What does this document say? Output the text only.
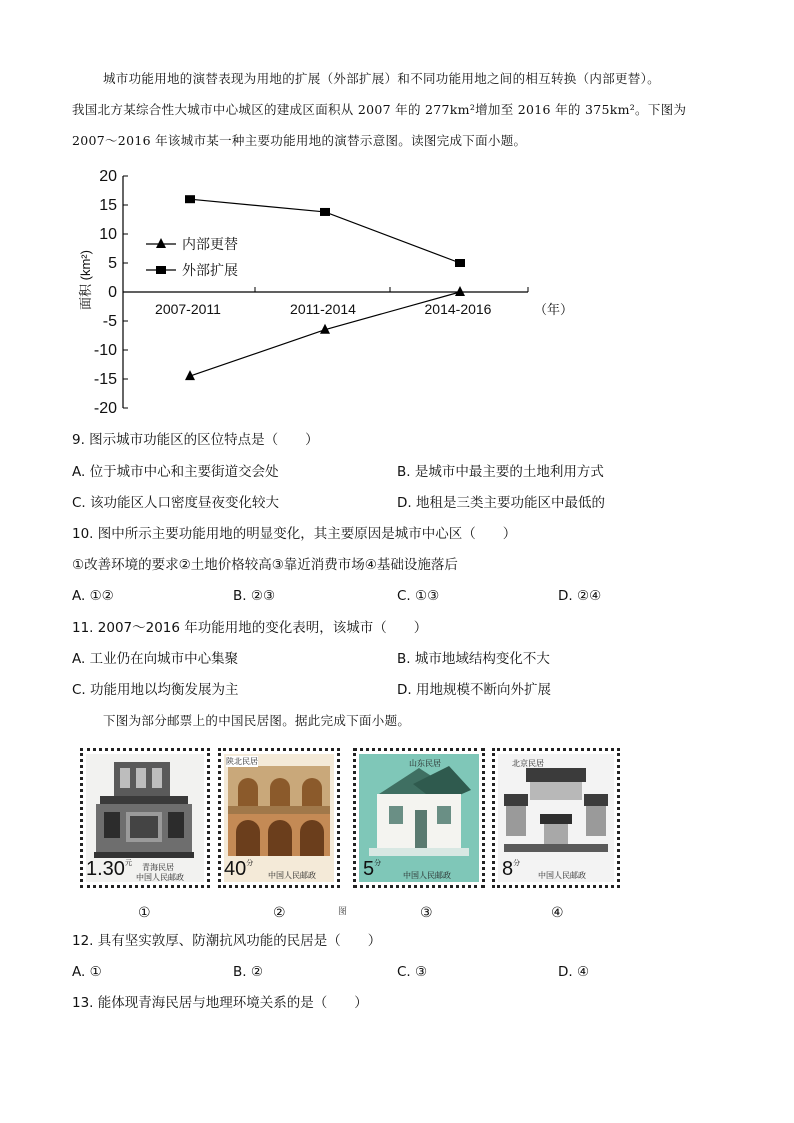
城市功能用地的演替表现为用地的扩展（外部扩展）和不同功能用地之间的相互转换（内部更替）。
我国北方某综合性大城市中心城区的建成区面积从 2007 年的 277km²增加至 2016 年的 375km²。下图为
2007～2016 年该城市某一种主要功能用地的演替示意图。读图完成下面小题。
20
15
10
5
0
-5
-10
-15
-20
2007-2011	2011-2014	2014-2016	（年）
面积 (km²)
内部更替
外部扩展
9. 图示城市功能区的区位特点是（　　）
A. 位于城市中心和主要街道交会处	B. 是城市中最主要的土地利用方式
C. 该功能区人口密度昼夜变化较大	D. 地租是三类主要功能区中最低的
10. 图中所示主要功能用地的明显变化，其主要原因是城市中心区（　　）
①改善环境的要求②土地价格较高③靠近消费市场④基础设施落后
A. ①②	B. ②③	C. ①③	D. ②④
11. 2007～2016 年功能用地的变化表明，该城市（　　）
A. 工业仍在向城市中心集聚	B. 城市地域结构变化不大
C. 功能用地以均衡发展为主	D. 用地规模不断向外扩展
下图为部分邮票上的中国民居图。据此完成下面小题。
$1.30^元$ 青海民居
中国人民邮政
陕北民居
$40^分$
中国人民邮政
山东民居
$5^分$
中国人民邮政
北京民居
$8^分$
中国人民邮政
①	②	③	④
图
12. 具有坚实敦厚、防潮抗风功能的民居是（　　）
A. ①	B. ②	C. ③	D. ④
13. 能体现青海民居与地理环境关系的是（　　）
